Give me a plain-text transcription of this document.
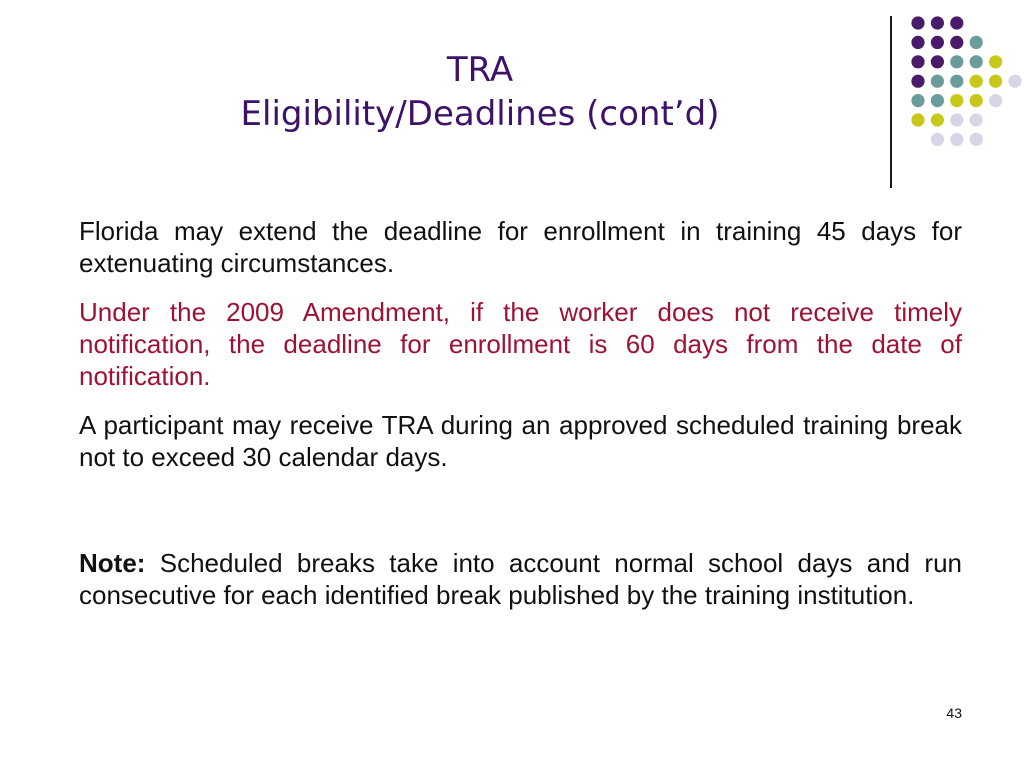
TRA
Eligibility/Deadlines (cont’d)

Florida may extend the deadline for enrollment in training 45 days for extenuating circumstances.

Under the 2009 Amendment, if the worker does not receive timely notification, the deadline for enrollment is 60 days from the date of notification.

A participant may receive TRA during an approved scheduled training break not to exceed 30 calendar days.

Note: Scheduled breaks take into account normal school days and run consecutive for each identified break published by the training institution.

43
